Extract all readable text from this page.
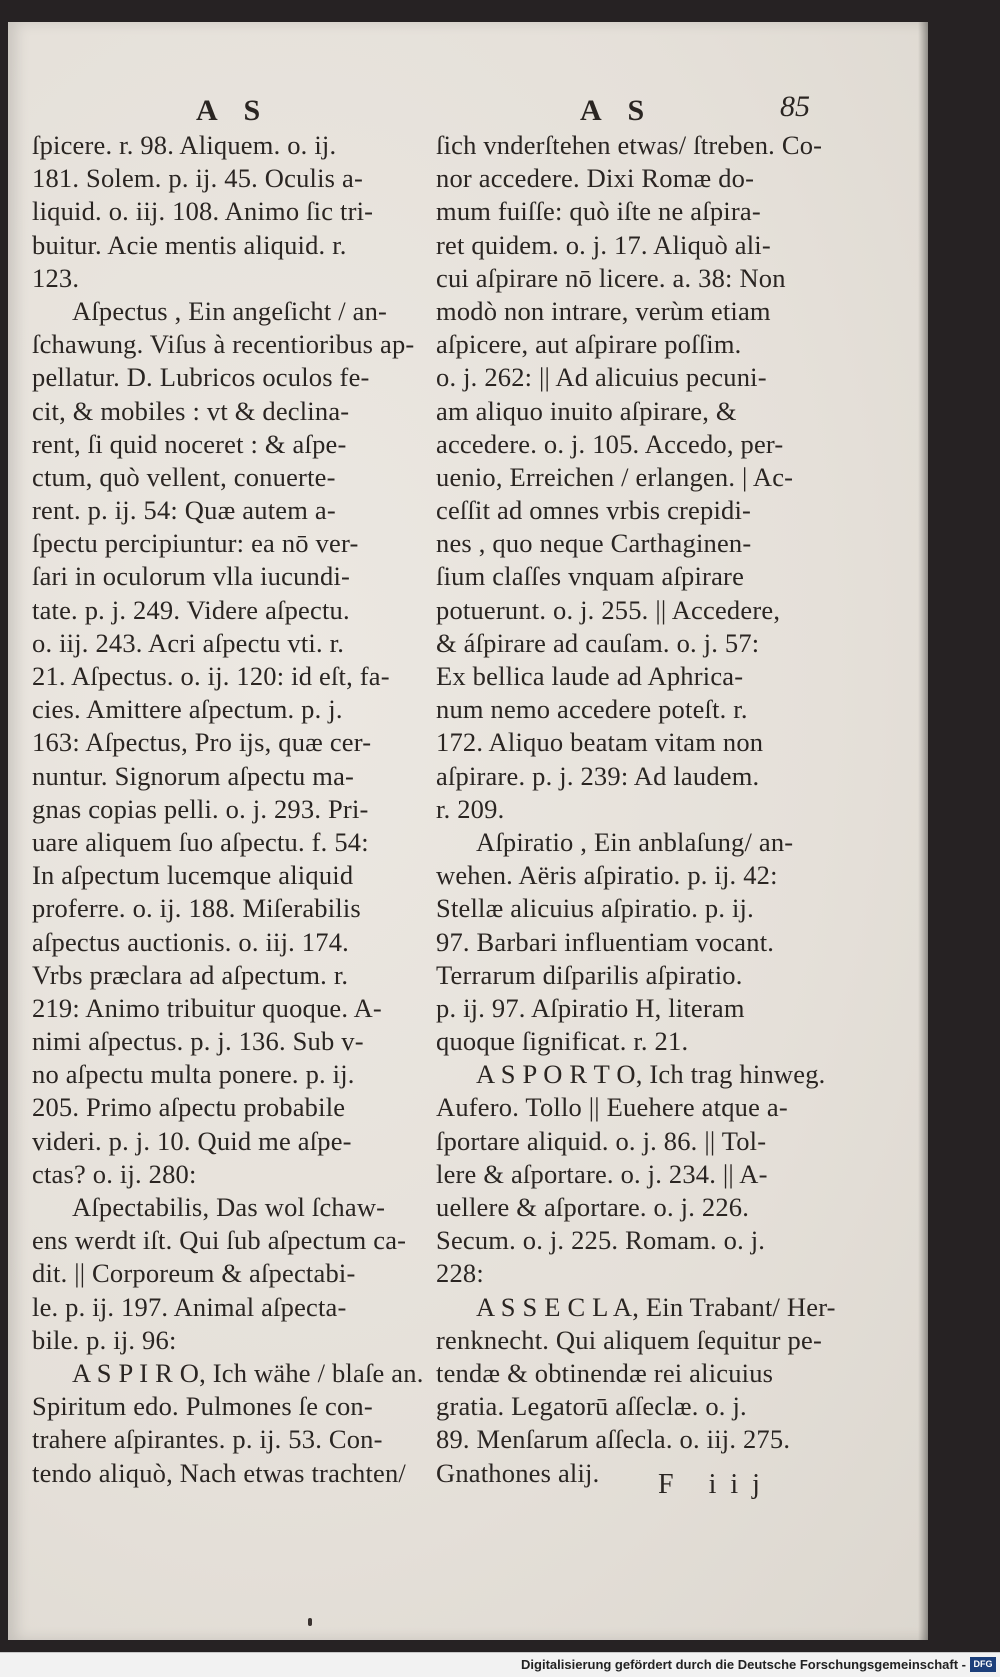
A S	A S	85
ſpicere. r. 98. Aliquem. o. ij.
181. Solem. p. ij. 45. Oculis a-
liquid. o. iij. 108. Animo ſic tri-
buitur. Acie mentis aliquid. r.
123.
Aſpectus , Ein angeſicht / an-
ſchawung. Viſus à recentioribus ap-
pellatur. D. Lubricos oculos fe-
cit, & mobiles : vt & declina-
rent, ſi quid noceret : & aſpe-
ctum, quò vellent, conuerte-
rent. p. ij. 54: Quæ autem a-
ſpectu percipiuntur: ea nō ver-
ſari in oculorum vlla iucundi-
tate. p. j. 249. Videre aſpectu.
o. iij. 243. Acri aſpectu vti. r.
21. Aſpectus. o. ij. 120: id eſt, fa-
cies. Amittere aſpectum. p. j.
163: Aſpectus, Pro ijs, quæ cer-
nuntur. Signorum aſpectu ma-
gnas copias pelli. o. j. 293. Pri-
uare aliquem ſuo aſpectu. f. 54:
In aſpectum lucemque aliquid
proferre. o. ij. 188. Miſerabilis
aſpectus auctionis. o. iij. 174.
Vrbs præclara ad aſpectum. r.
219: Animo tribuitur quoque. A-
nimi aſpectus. p. j. 136. Sub v-
no aſpectu multa ponere. p. ij.
205. Primo aſpectu probabile
videri. p. j. 10. Quid me aſpe-
ctas? o. ij. 280:
Aſpectabilis, Das wol ſchaw-
ens werdt iſt. Qui ſub aſpectum ca-
dit. || Corporeum & aſpectabi-
le. p. ij. 197. Animal aſpecta-
bile. p. ij. 96:
A S P I R O, Ich wähe / blaſe an.
Spiritum edo. Pulmones ſe con-
trahere aſpirantes. p. ij. 53. Con-
tendo aliquò, Nach etwas trachten/
ſich vnderſtehen etwas/ ſtreben. Co-
nor accedere. Dixi Romæ do-
mum fuiſſe: quò iſte ne aſpira-
ret quidem. o. j. 17. Aliquò ali-
cui aſpirare nō licere. a. 38: Non
modò non intrare, verùm etiam
aſpicere, aut aſpirare poſſim.
o. j. 262: || Ad alicuius pecuni-
am aliquo inuito aſpirare, &
accedere. o. j. 105. Accedo, per-
uenio, Erreichen / erlangen. | Ac-
ceſſit ad omnes vrbis crepidi-
nes , quo neque Carthaginen-
ſium claſſes vnquam aſpirare
potuerunt. o. j. 255. || Accedere,
& áſpirare ad cauſam. o. j. 57:
Ex bellica laude ad Aphrica-
num nemo accedere poteſt. r.
172. Aliquo beatam vitam non
aſpirare. p. j. 239: Ad laudem.
r. 209.
Aſpiratio , Ein anblaſung/ an-
wehen. Aëris aſpiratio. p. ij. 42:
Stellæ alicuius aſpiratio. p. ij.
97. Barbari influentiam vocant.
Terrarum diſparilis aſpiratio.
p. ij. 97. Aſpiratio H, literam
quoque ſignificat. r. 21.
A S P O R T O, Ich trag hinweg.
Aufero. Tollo || Euehere atque a-
ſportare aliquid. o. j. 86. || Tol-
lere & aſportare. o. j. 234. || A-
uellere & aſportare. o. j. 226.
Secum. o. j. 225. Romam. o. j.
228:
A S S E C L A, Ein Trabant/ Her-
renknecht. Qui aliquem ſequitur pe-
tendæ & obtinendæ rei alicuius
gratia. Legatorū aſſeclæ. o. j.
89. Menſarum aſſecla. o. iij. 275.
Gnathones alij.	F iij
Digitalisierung gefördert durch die Deutsche Forschungsgemeinschaft - DFG
